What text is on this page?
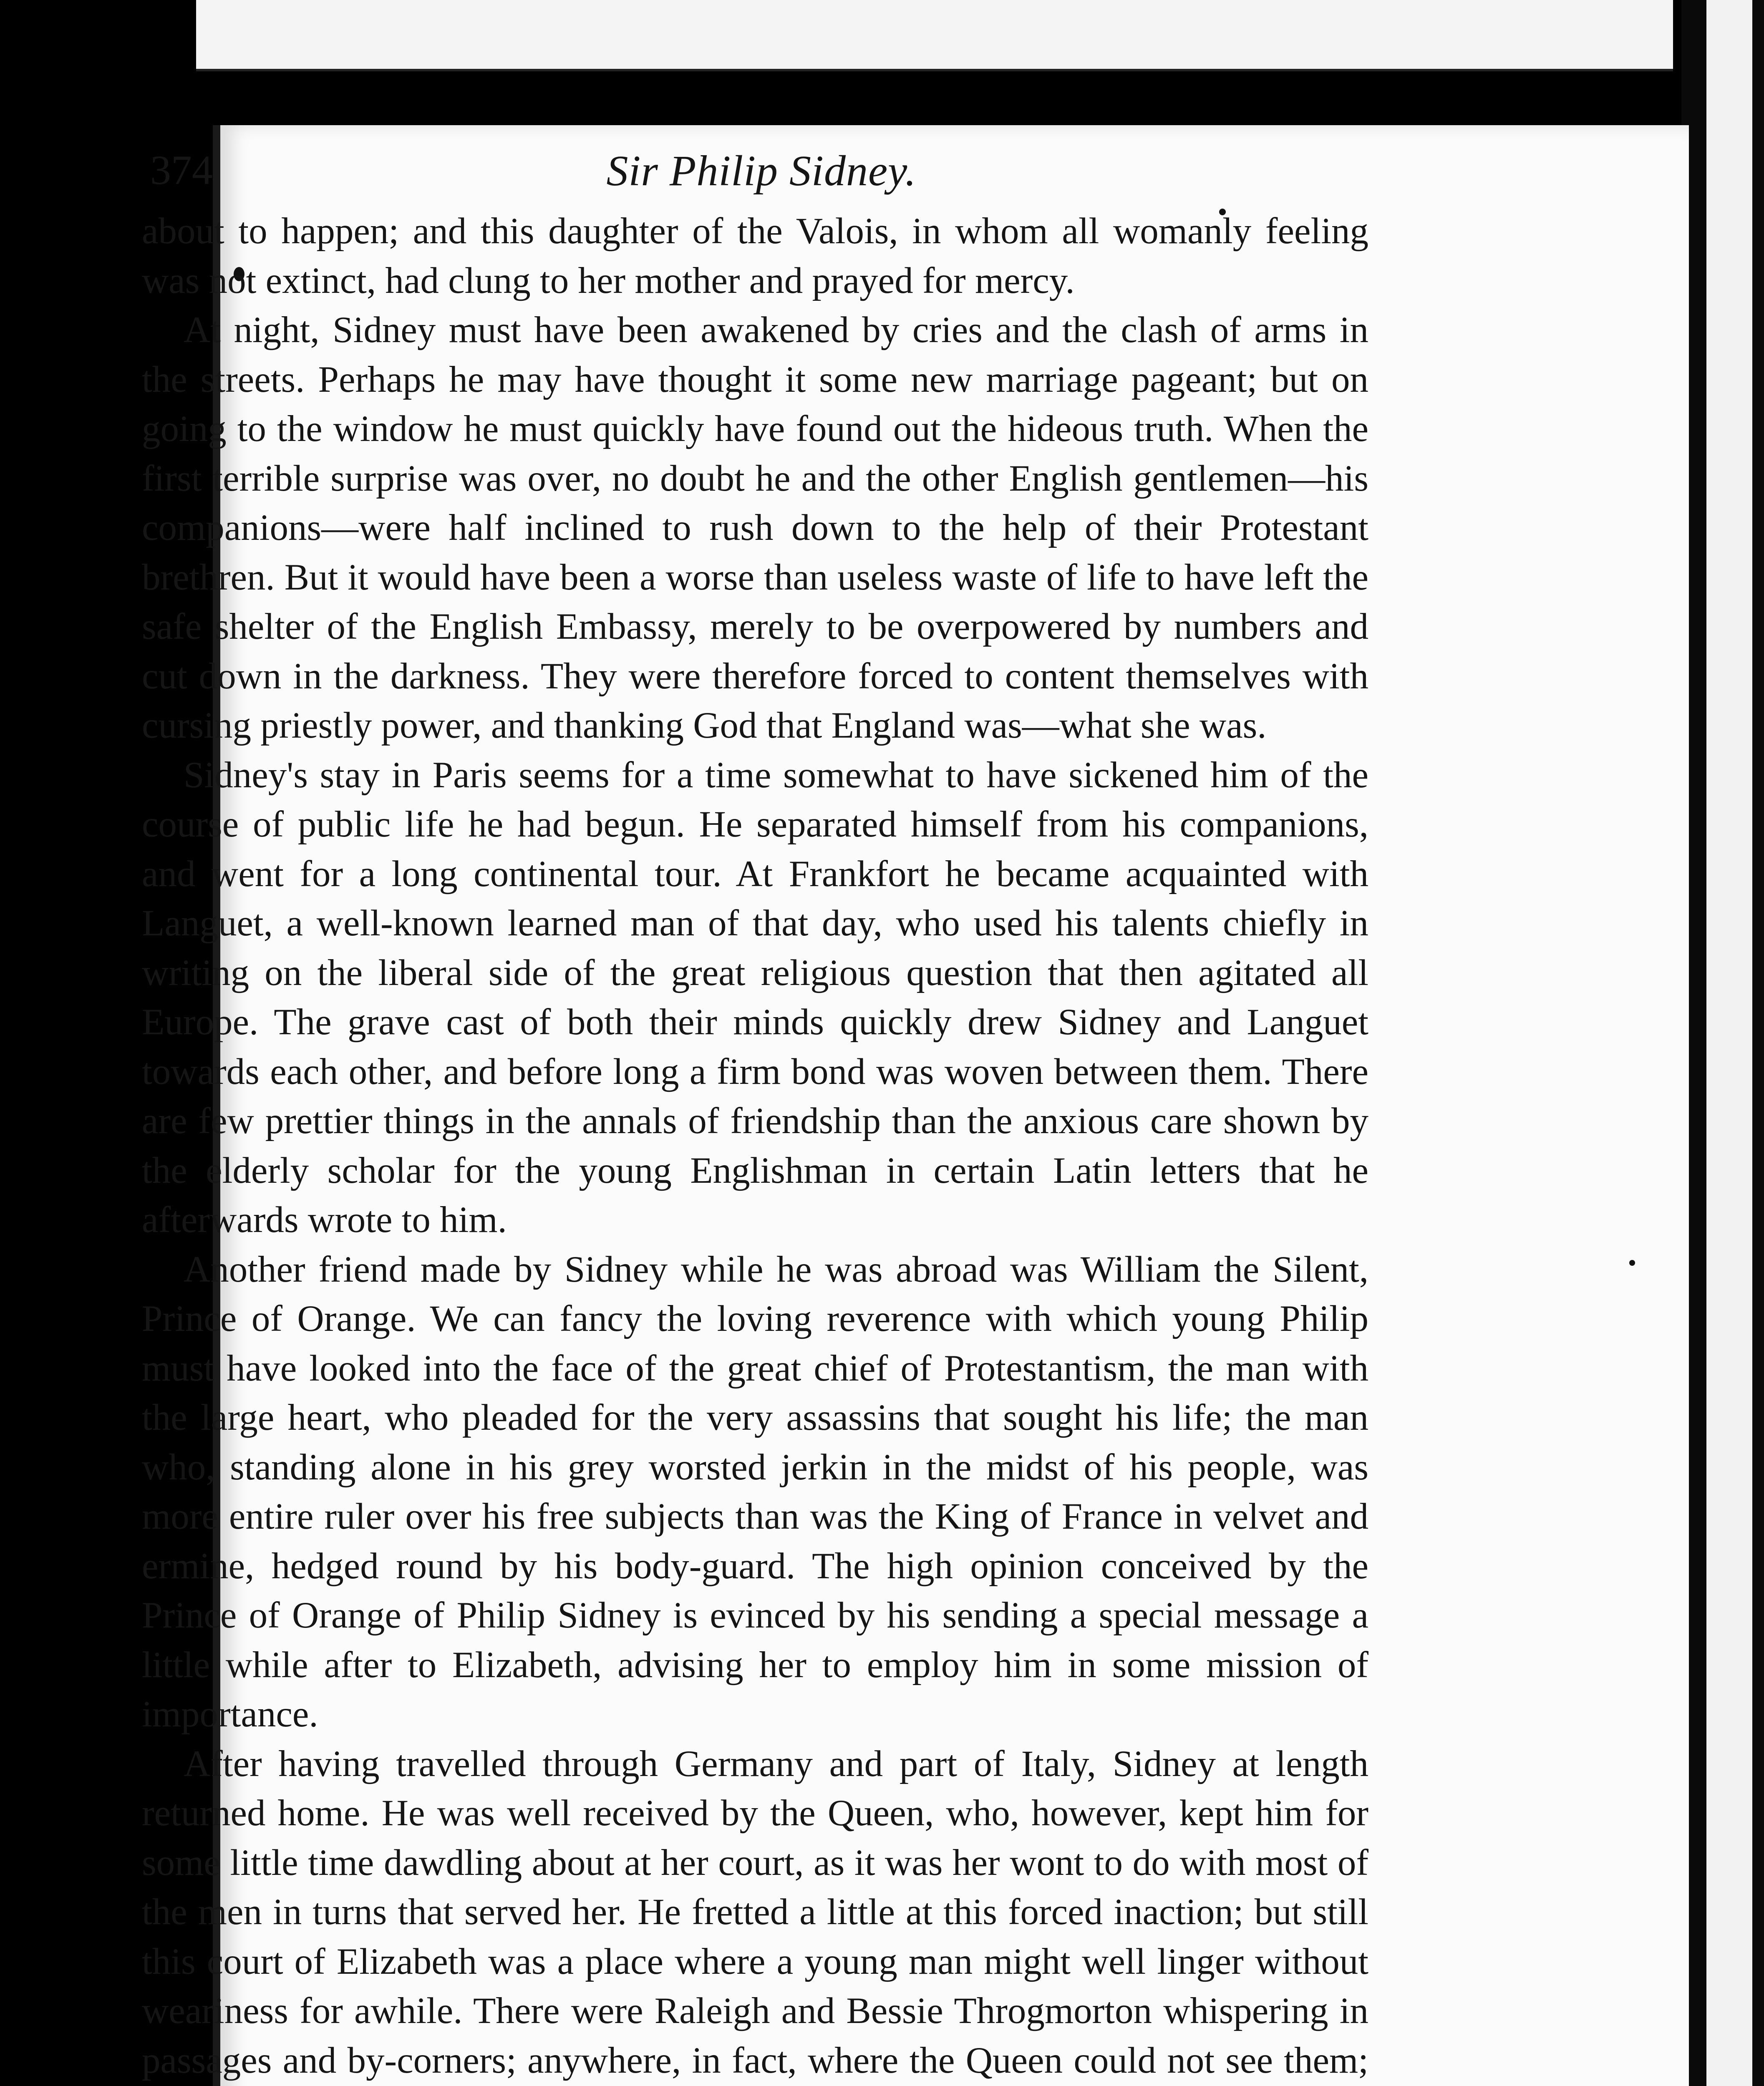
374	Sir Philip Sidney.

about to happen; and this daughter of the Valois, in whom all womanly feeling was not extinct, had clung to her mother and prayed for mercy.

At night, Sidney must have been awakened by cries and the clash of arms in the streets. Perhaps he may have thought it some new marriage pageant; but on going to the window he must quickly have found out the hideous truth. When the first terrible surprise was over, no doubt he and the other English gentlemen—his companions—were half inclined to rush down to the help of their Protestant brethren. But it would have been a worse than useless waste of life to have left the safe shelter of the English Embassy, merely to be overpowered by numbers and cut down in the darkness. They were therefore forced to content themselves with cursing priestly power, and thanking God that England was—what she was.

Sidney's stay in Paris seems for a time somewhat to have sickened him of the course of public life he had begun. He separated himself from his companions, and went for a long continental tour. At Frankfort he became acquainted with Languet, a well-known learned man of that day, who used his talents chiefly in writing on the liberal side of the great religious question that then agitated all Europe. The grave cast of both their minds quickly drew Sidney and Languet towards each other, and before long a firm bond was woven between them. There are few prettier things in the annals of friendship than the anxious care shown by the elderly scholar for the young Englishman in certain Latin letters that he afterwards wrote to him.

Another friend made by Sidney while he was abroad was William the Silent, Prince of Orange. We can fancy the loving reverence with which young Philip must have looked into the face of the great chief of Protestantism, the man with the large heart, who pleaded for the very assassins that sought his life; the man who, standing alone in his grey worsted jerkin in the midst of his people, was more entire ruler over his free subjects than was the King of France in velvet and ermine, hedged round by his body-guard. The high opinion conceived by the Prince of Orange of Philip Sidney is evinced by his sending a special message a little while after to Elizabeth, advising her to employ him in some mission of importance.

After having travelled through Germany and part of Italy, Sidney at length returned home. He was well received by the Queen, who, however, kept him for some little time dawdling about at her court, as it was her wont to do with most of the men in turns that served her. He fretted a little at this forced inaction; but still this court of Elizabeth was a place where a young man might well linger without weariness for awhile. There were Raleigh and Bessie Throgmorton whispering in passages and by-corners; anywhere, in fact, where the Queen could not see them;
